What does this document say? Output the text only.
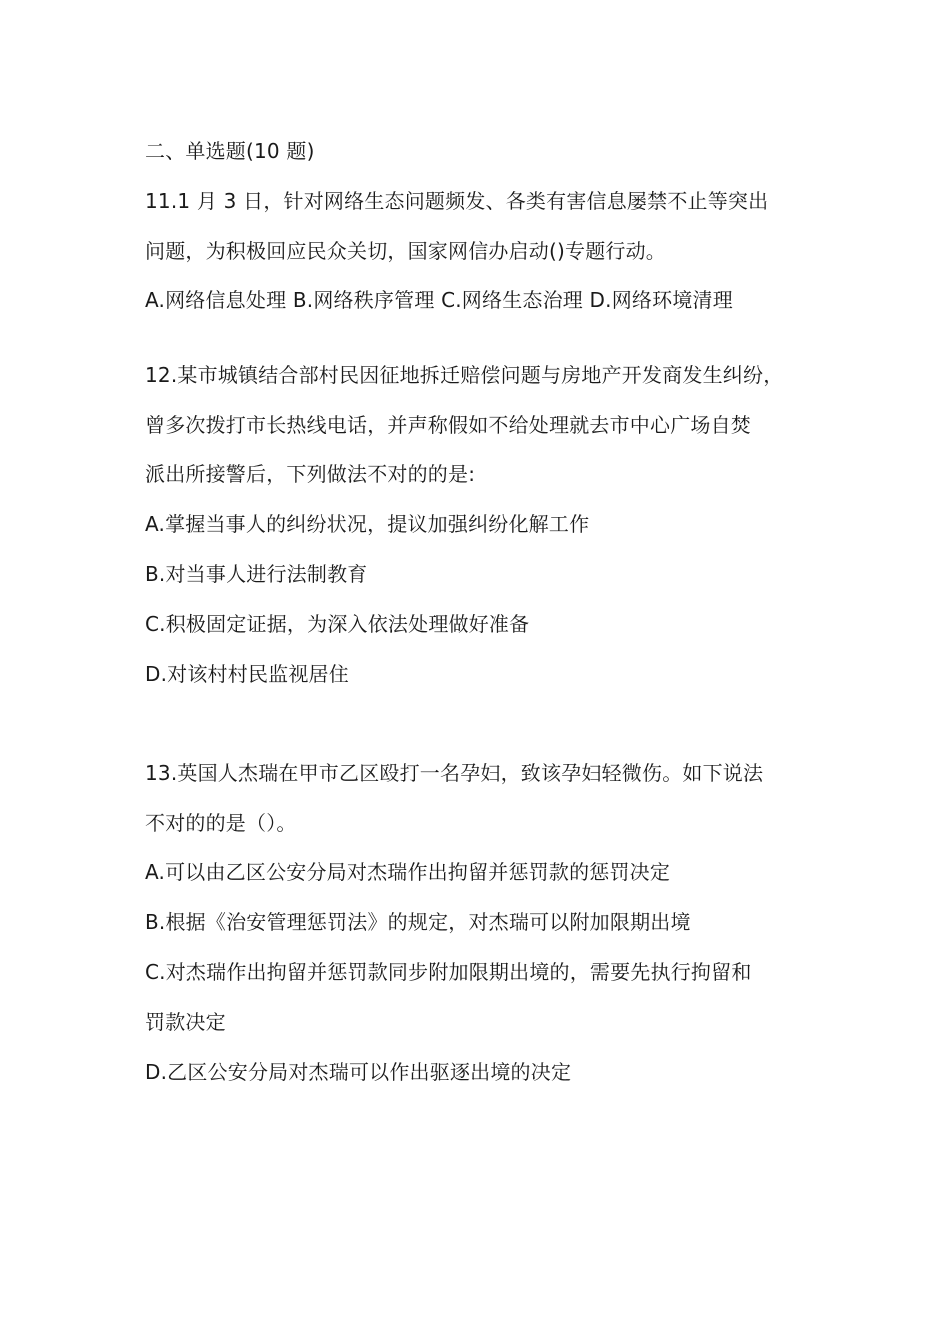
二、单选题(10 题)
11.1 月 3 日，针对网络生态问题频发、各类有害信息屡禁不止等突出
问题，为积极回应民众关切，国家网信办启动()专题行动。
A.网络信息处理 B.网络秩序管理 C.网络生态治理 D.网络环境清理
12.某市城镇结合部村民因征地拆迁赔偿问题与房地产开发商发生纠纷，
曾多次拨打市长热线电话，并声称假如不给处理就去市中心广场自焚
派出所接警后，下列做法不对的的是:
A.掌握当事人的纠纷状况，提议加强纠纷化解工作
B.对当事人进行法制教育
C.积极固定证据，为深入依法处理做好准备
D.对该村村民监视居住
13.英国人杰瑞在甲市乙区殴打一名孕妇，致该孕妇轻微伤。如下说法
不对的的是（）。
A.可以由乙区公安分局对杰瑞作出拘留并惩罚款的惩罚决定
B.根据《治安管理惩罚法》的规定，对杰瑞可以附加限期出境
C.对杰瑞作出拘留并惩罚款同步附加限期出境的，需要先执行拘留和
罚款决定
D.乙区公安分局对杰瑞可以作出驱逐出境的决定
